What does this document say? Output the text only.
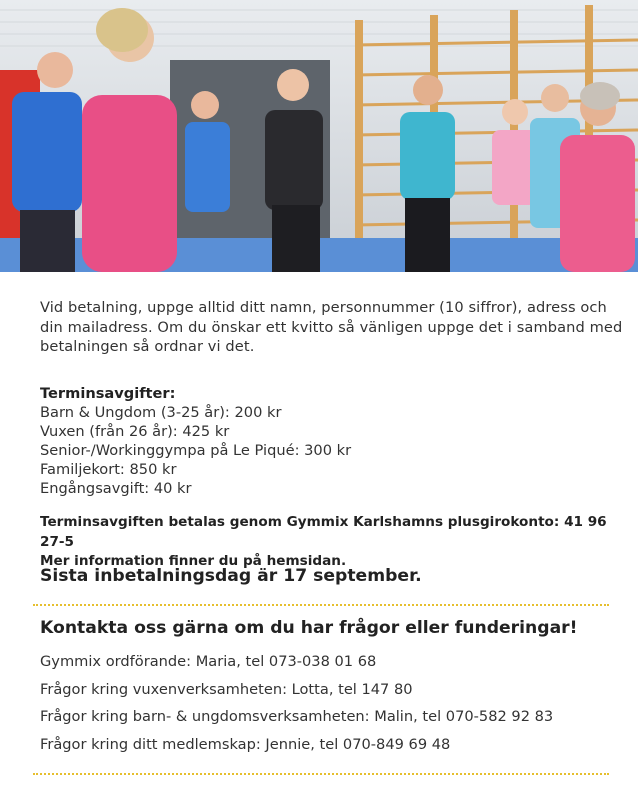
Vid betalning, uppge alltid ditt namn, personnummer (10 siffror), adress och din mailadress. Om du önskar ett kvitto så vänligen uppge det i samband med betalningen så ordnar vi det.
Terminsavgifter:
Barn & Ungdom (3-25 år): 200 kr
Vuxen (från 26 år): 425 kr
Senior-/Workinggympa på Le Piqué: 300 kr
Familjekort: 850 kr
Engångsavgift: 40 kr
Terminsavgiften betalas genom Gymmix Karlshamns plusgirokonto: 41 96 27-5
Mer information finner du på hemsidan.
Sista inbetalningsdag är 17 september.
Kontakta oss gärna om du har frågor eller funderingar!
Gymmix ordförande: Maria, tel 073-038 01 68
Frågor kring vuxenverksamheten: Lotta, tel 147 80
Frågor kring barn- & ungdomsverksamheten: Malin, tel 070-582 92 83
Frågor kring ditt medlemskap: Jennie, tel 070-849 69 48
